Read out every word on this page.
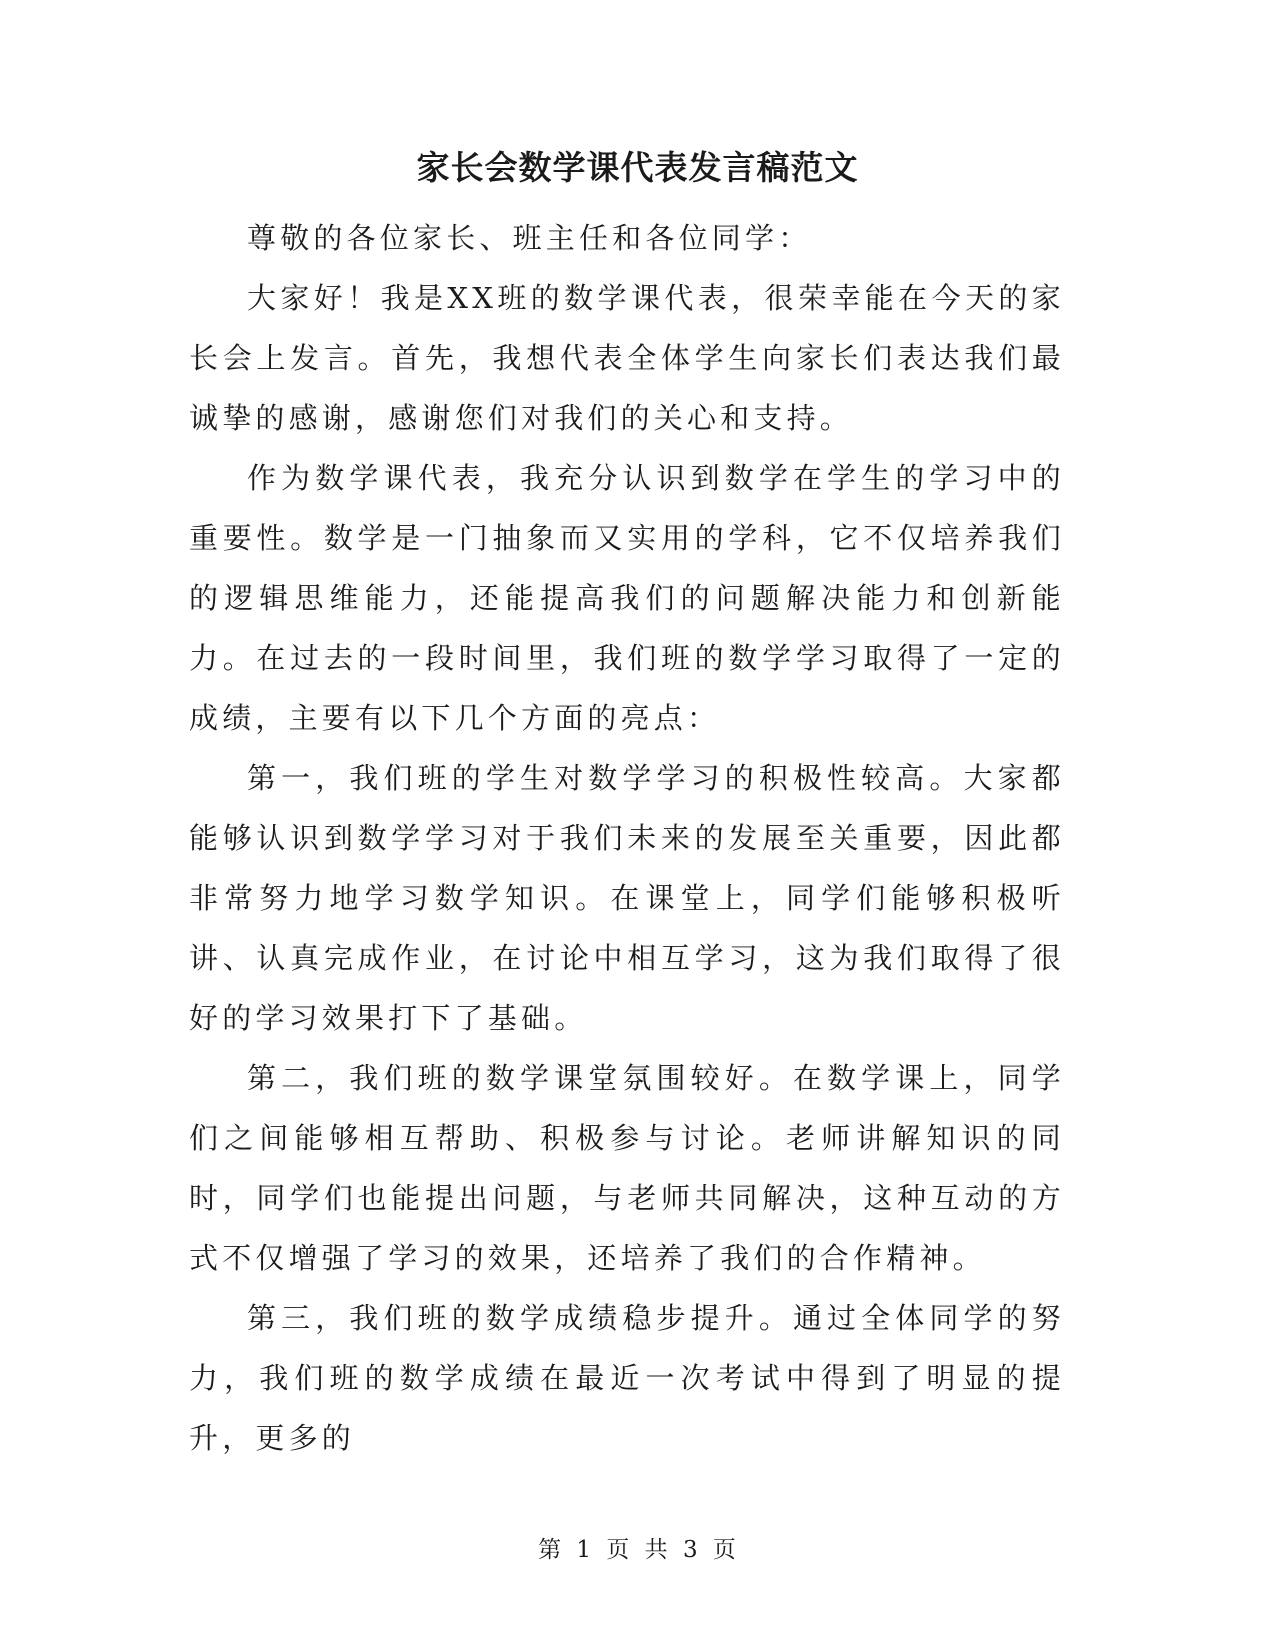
家长会数学课代表发言稿范文

尊敬的各位家长、班主任和各位同学：

大家好！我是XX班的数学课代表，很荣幸能在今天的家长会上发言。首先，我想代表全体学生向家长们表达我们最诚挚的感谢，感谢您们对我们的关心和支持。

作为数学课代表，我充分认识到数学在学生的学习中的重要性。数学是一门抽象而又实用的学科，它不仅培养我们的逻辑思维能力，还能提高我们的问题解决能力和创新能力。在过去的一段时间里，我们班的数学学习取得了一定的成绩，主要有以下几个方面的亮点：

第一，我们班的学生对数学学习的积极性较高。大家都能够认识到数学学习对于我们未来的发展至关重要，因此都非常努力地学习数学知识。在课堂上，同学们能够积极听讲、认真完成作业，在讨论中相互学习，这为我们取得了很好的学习效果打下了基础。

第二，我们班的数学课堂氛围较好。在数学课上，同学们之间能够相互帮助、积极参与讨论。老师讲解知识的同时，同学们也能提出问题，与老师共同解决，这种互动的方式不仅增强了学习的效果，还培养了我们的合作精神。

第三，我们班的数学成绩稳步提升。通过全体同学的努力，我们班的数学成绩在最近一次考试中得到了明显的提升，更多的

第 1 页 共 3 页
